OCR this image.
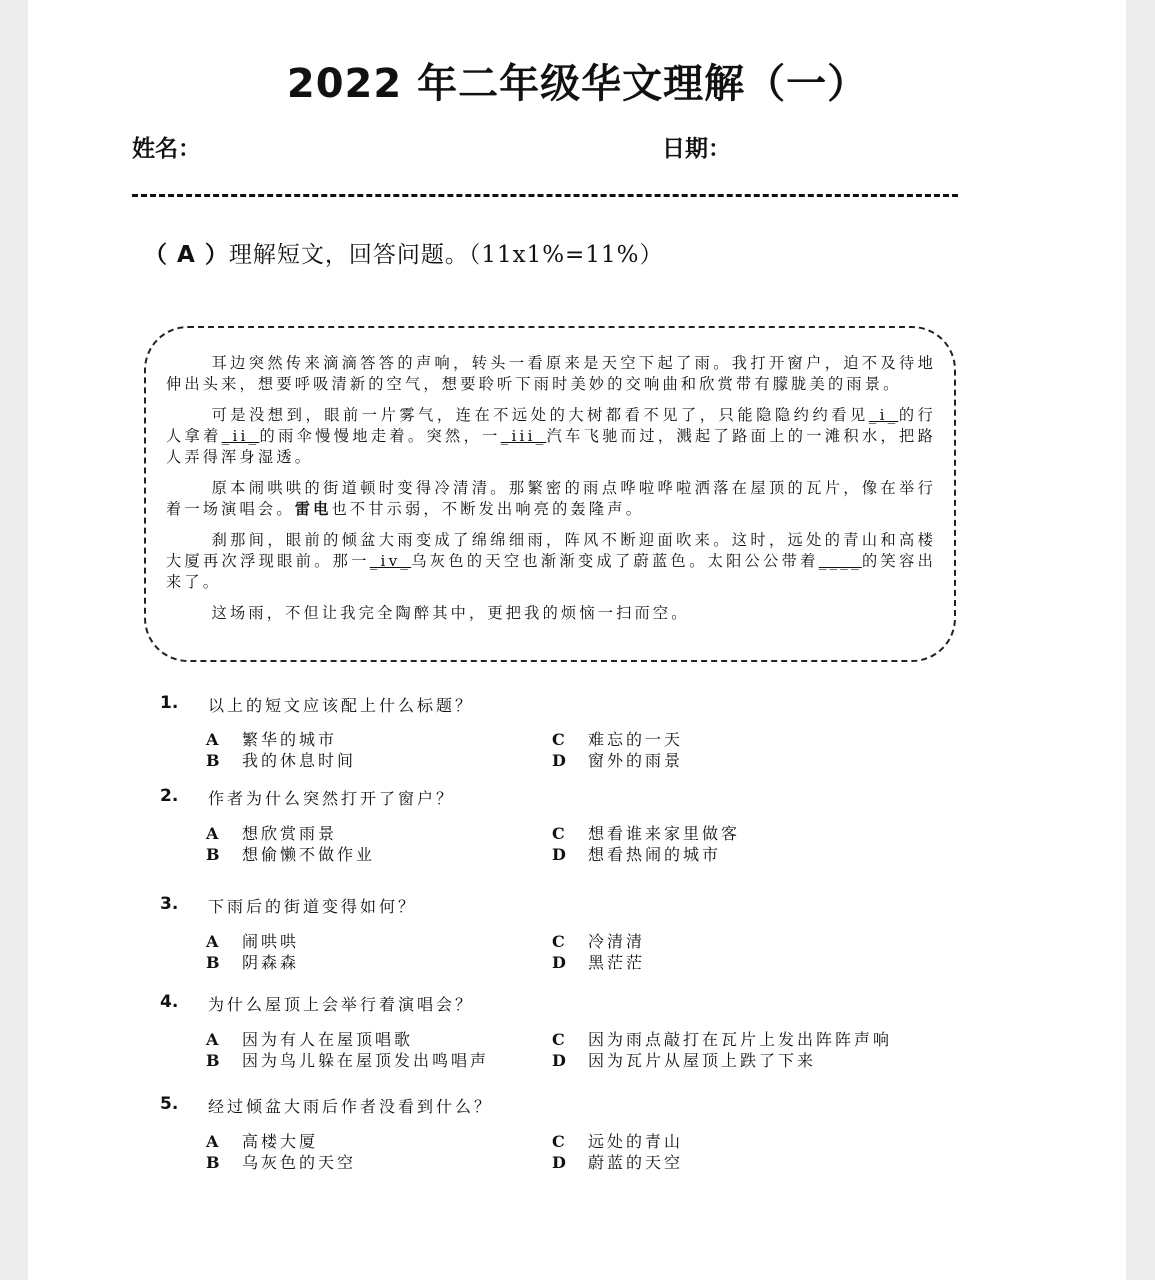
2022 年二年级华文理解（一）
姓名：	日期：
（ A ）理解短文，回答问题。（11x1%=11%）

耳边突然传来滴滴答答的声响，转头一看原来是天空下起了雨。我打开窗户，迫不及待地伸出头来，想要呼吸清新的空气，想要聆听下雨时美妙的交响曲和欣赏带有朦胧美的雨景。

可是没想到，眼前一片雾气，连在不远处的大树都看不见了，只能隐隐约约看见_i_的行人拿着_ii_的雨伞慢慢地走着。突然，一_iii_汽车飞驰而过，溅起了路面上的一滩积水，把路人弄得浑身湿透。

原本闹哄哄的街道顿时变得冷清清。那繁密的雨点哗啦哗啦洒落在屋顶的瓦片，像在举行着一场演唱会。雷电也不甘示弱，不断发出响亮的轰隆声。

刹那间，眼前的倾盆大雨变成了绵绵细雨，阵风不断迎面吹来。这时，远处的青山和高楼大厦再次浮现眼前。那一_iv_乌灰色的天空也渐渐变成了蔚蓝色。太阳公公带着____的笑容出来了。

这场雨，不但让我完全陶醉其中，更把我的烦恼一扫而空。

1. 以上的短文应该配上什么标题？
A 繁华的城市
B 我的休息时间
C 难忘的一天
D 窗外的雨景
2. 作者为什么突然打开了窗户？
A 想欣赏雨景
B 想偷懒不做作业
C 想看谁来家里做客
D 想看热闹的城市
3. 下雨后的街道变得如何？
A 闹哄哄
B 阴森森
C 冷清清
D 黑茫茫
4. 为什么屋顶上会举行着演唱会？
A 因为有人在屋顶唱歌
B 因为鸟儿躲在屋顶发出鸣唱声
C 因为雨点敲打在瓦片上发出阵阵声响
D 因为瓦片从屋顶上跌了下来
5. 经过倾盆大雨后作者没看到什么？
A 高楼大厦
B 乌灰色的天空
C 远处的青山
D 蔚蓝的天空
